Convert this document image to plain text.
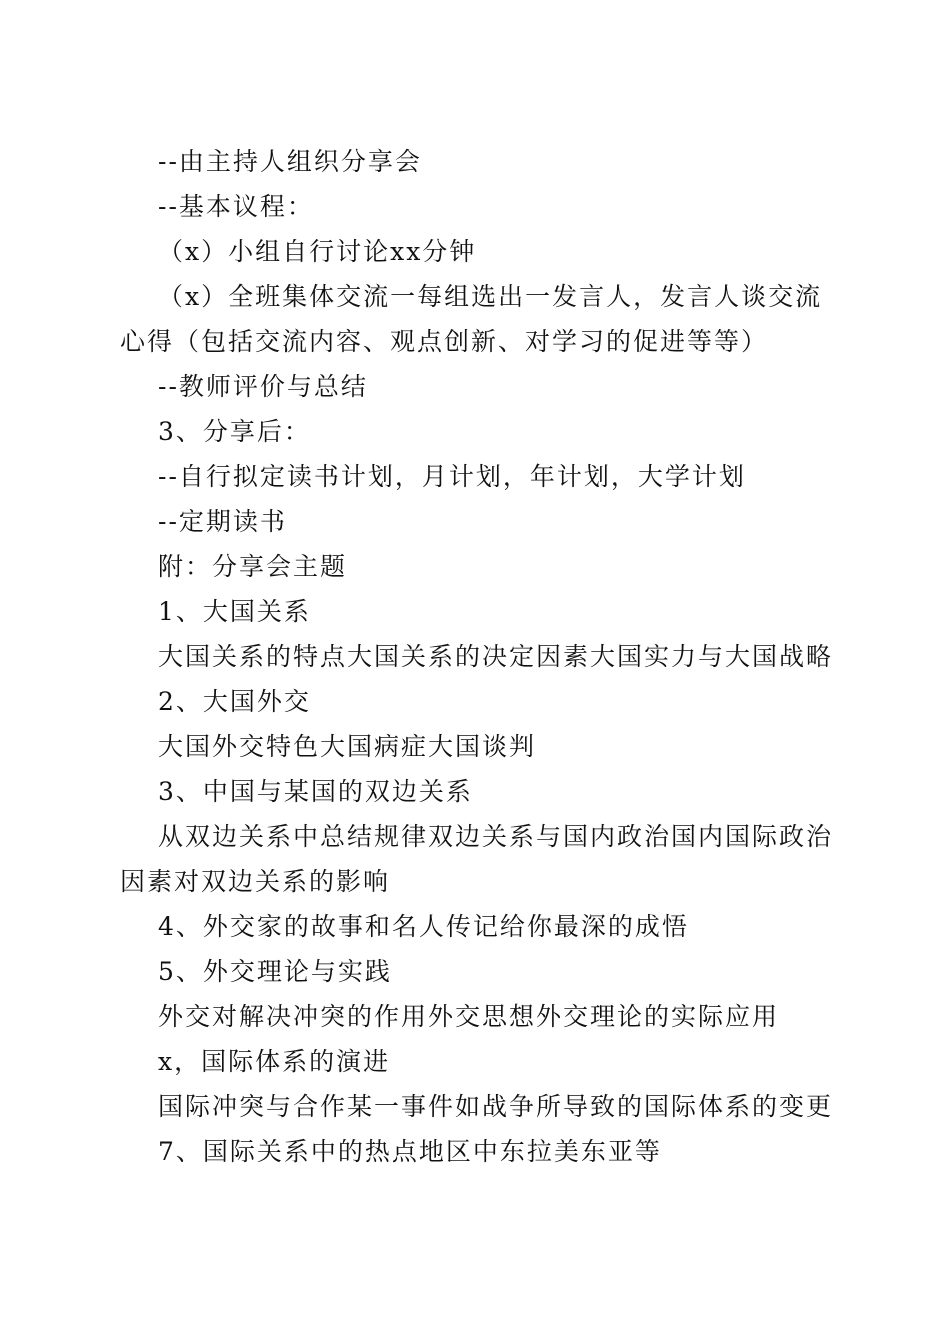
--由主持人组织分享会

--基本议程：

（x）小组自行讨论xx分钟

（x）全班集体交流一每组选出一发言人，发言人谈交流心得（包括交流内容、观点创新、对学习的促进等等）

--教师评价与总结

3、分享后：

--自行拟定读书计划，月计划，年计划，大学计划

--定期读书

附：分享会主题

1、大国关系

大国关系的特点大国关系的决定因素大国实力与大国战略

2、大国外交

大国外交特色大国病症大国谈判

3、中国与某国的双边关系

从双边关系中总结规律双边关系与国内政治国内国际政治因素对双边关系的影响

4、外交家的故事和名人传记给你最深的成悟

5、外交理论与实践

外交对解决冲突的作用外交思想外交理论的实际应用

x，国际体系的演进

国际冲突与合作某一事件如战争所导致的国际体系的变更

7、国际关系中的热点地区中东拉美东亚等
